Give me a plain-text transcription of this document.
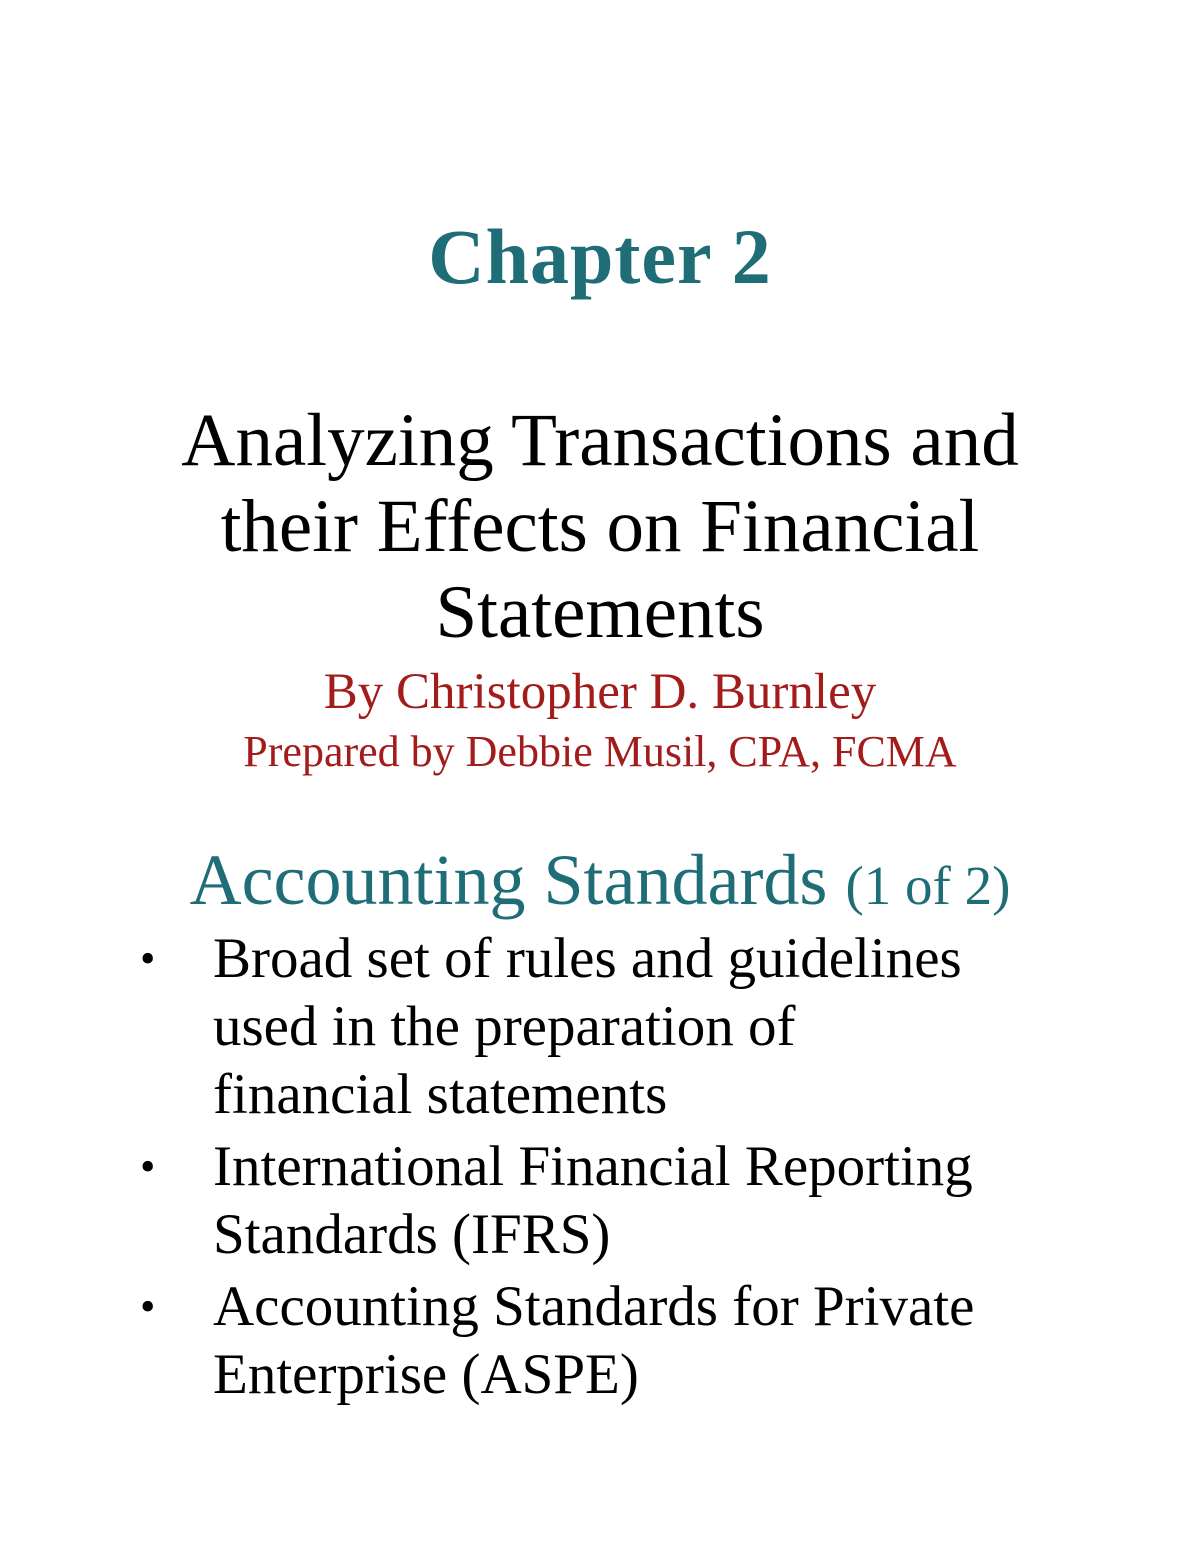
Chapter 2
Analyzing Transactions and
their Effects on Financial
Statements
By Christopher D. Burnley
Prepared by Debbie Musil, CPA, FCMA
Accounting Standards (1 of 2)
• Broad set of rules and guidelines
used in the preparation of
financial statements
• International Financial Reporting
Standards (IFRS)
• Accounting Standards for Private
Enterprise (ASPE)
